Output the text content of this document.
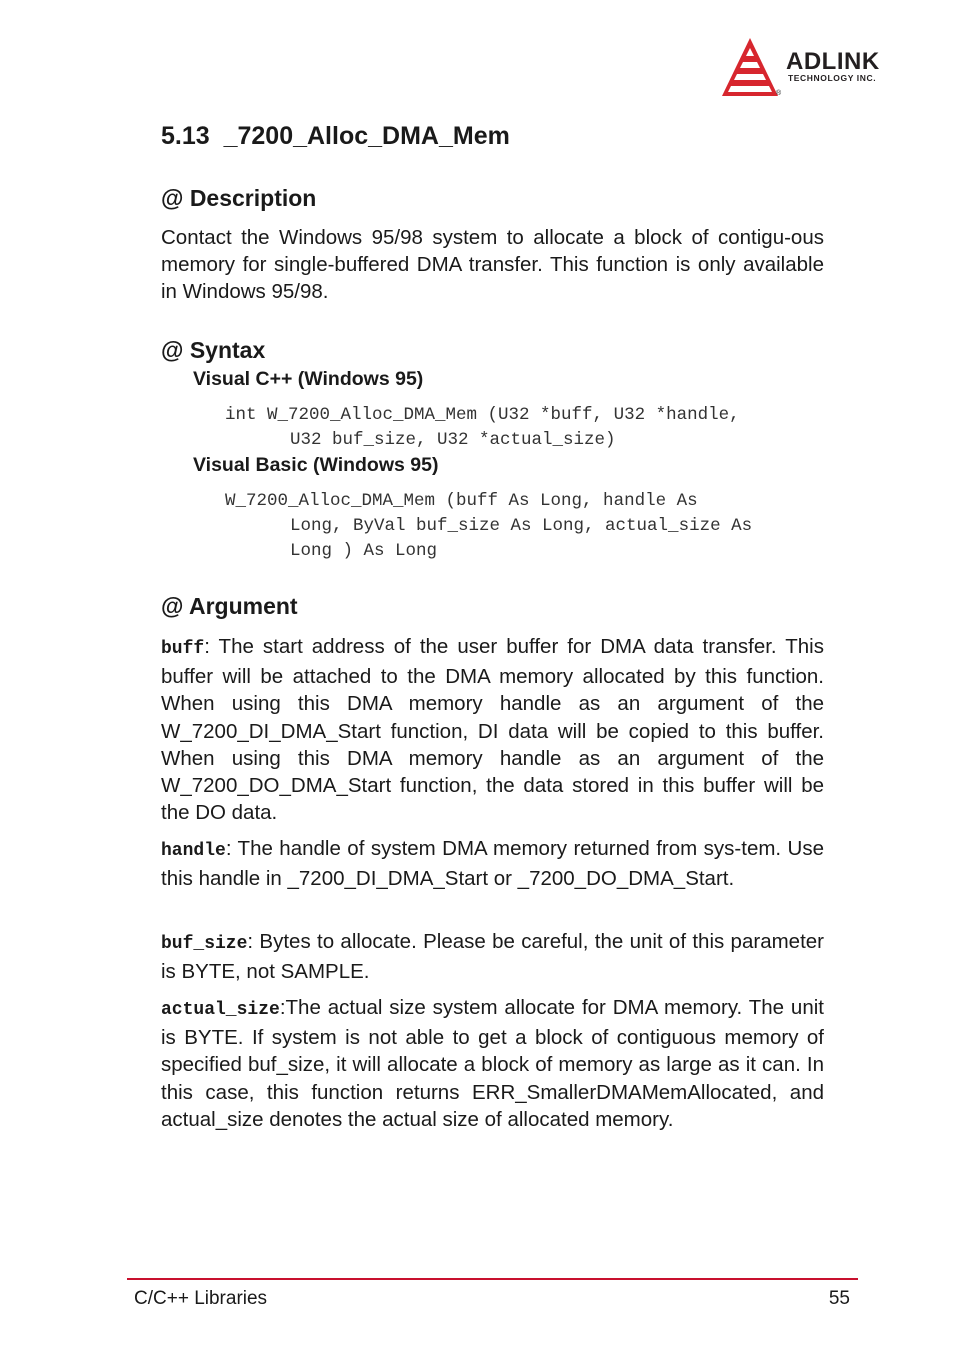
ADLINK
TECHNOLOGY INC.
®
5.13 _7200_Alloc_DMA_Mem
@ Description

Contact the Windows 95/98 system to allocate a block of contigu-ous memory for single-buffered DMA transfer. This function is only available in Windows 95/98.

@ Syntax
Visual C++ (Windows 95)
int W_7200_Alloc_DMA_Mem (U32 *buff, U32 *handle,
U32 buf_size, U32 *actual_size)
Visual Basic (Windows 95)
W_7200_Alloc_DMA_Mem (buff As Long, handle As
Long, ByVal buf_size As Long, actual_size As
Long ) As Long
@ Argument

buff: The start address of the user buffer for DMA data transfer. This buffer will be attached to the DMA memory allocated by this function. When using this DMA memory handle as an argument of the W_7200_DI_DMA_Start function, DI data will be copied to this buffer. When using this DMA memory handle as an argument of the W_7200_DO_DMA_Start function, the data stored in this buffer will be the DO data.

handle: The handle of system DMA memory returned from sys-tem. Use this handle in _7200_DI_DMA_Start or _7200_DO_DMA_Start.

buf_size: Bytes to allocate. Please be careful, the unit of this parameter is BYTE, not SAMPLE.

actual_size:The actual size system allocate for DMA memory. The unit is BYTE. If system is not able to get a block of contiguous memory of specified buf_size, it will allocate a block of memory as large as it can. In this case, this function returns ERR_SmallerDMAMemAllocated, and actual_size denotes the actual size of allocated memory.

C/C++ Libraries	55
